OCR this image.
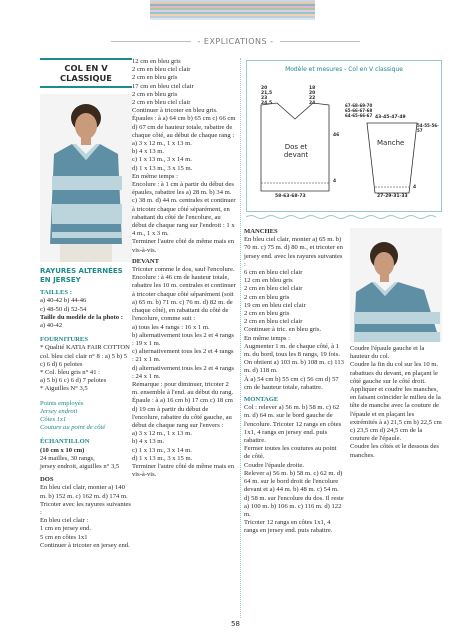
- EXPLICATIONS -
COL EN V CLASSIQUE
RAYURES ALTERNÉES EN JERSEY

TAILLES :

a) 40-42 b) 44-46

c) 48-50 d) 52-54

Taille du modèle de la photo :

a) 40-42

FOURNITURES

* Qualité KATIA FAIR COTTON col. bleu ciel clair n° 8 : a) 5 b) 5 c) 6 d) 6 pelotes

* Col. bleu gris n° 41 :

a) 5 b) 6 c) 6 d) 7 pelotes

* Aiguilles N° 3,5

Points employés

Jersey endroit

Côtes 1x1

Couture au point de côté

ÉCHANTILLON

(10 cm x 10 cm)

24 mailles, 30 rangs,

jersey endroit, aiguilles n° 3,5

DOS

En bleu ciel clair, monter a) 140 m. b) 152 m. c) 162 m. d) 174 m. Tricoter avec les rayures suivantes :

En bleu ciel clair :

1 cm en jersey end.

5 cm en côtes 1x1

Continuer à tricoter en jersey end.

12 cm en bleu gris

2 cm en bleu ciel clair

2 cm en bleu gris

17 cm en bleu ciel clair

2 cm en bleu gris

2 cm en bleu ciel clair

Continuer à tricoter en bleu gris.

Épaules : à a) 64 cm b) 65 cm c) 66 cm d) 67 cm de hauteur totale, rabattre de chaque côté, au début de chaque rang :

a) 3 x 12 m., 1 x 13 m.

b) 4 x 13 m.

c) 1 x 13 m., 3 x 14 m.

d) 1 x 13 m., 3 x 15 m.

En même temps :

Encolure : à 1 cm à partir du début des épaules, rabattre les a) 28 m. b) 34 m. c) 38 m. d) 44 m. centrales et continuer à tricoter chaque côté séparément, en rabattant du côté de l'encolure, au début de chaque rang sur l'endroit : 1 x 4 m., 1 x 3 m.

Terminer l'autre côté de même mais en vis-à-vis.

DEVANT

Tricoter comme le dos, sauf l'encolure.

Encolure : à 46 cm de hauteur totale, rabattre les 10 m. centrales et continuer à tricoter chaque côté séparément (soit a) 65 m. b) 71 m. c) 76 m. d) 82 m. de chaque côté), en rabattant du côté de l'encolure, comme suit :

a) tous les 4 rangs : 16 x 1 m.

b) alternativement tous les 2 et 4 rangs : 19 x 1 m.

c) alternativement tous les 2 et 4 rangs : 21 x 1 m.

d) alternativement tous les 2 et 4 rangs : 24 x 1 m.

Remarque : pour diminuer, tricoter 2 m. ensemble à l'end. au début du rang.

Épaule : à a) 16 cm b) 17 cm c) 18 cm d) 19 cm à partir du début de l'encolure, rabattre du côté gauche, au début de chaque rang sur l'envers :

a) 3 x 12 m., 1 x 13 m.

b) 4 x 13 m.

c) 1 x 13 m., 3 x 14 m.

d) 1 x 13 m., 3 x 15 m.

Terminer l'autre côté de même mais en vis-à-vis.

Modèle et mesures - Col en V classique
20
21,5
23
24,5
18
20
22
24	67-68-69-70
65-66-67-68
64-65-66-67
46
4
Dos et devant
58-63-68-73
43-45-47-49
54-55-56-57
Manche
4
27-29-31-33

MANCHES

En bleu ciel clair, monter a) 65 m. b) 70 m. c) 75 m. d) 80 m., et tricoter en jersey end. avec les rayures suivantes :

6 cm en bleu ciel clair

12 cm en bleu gris

2 cm en bleu ciel clair

2 cm en bleu gris

19 cm en bleu ciel clair

2 cm en bleu gris

2 cm en bleu ciel clair

Continuer à tric. en bleu gris.

En même temps :

Augmenter 1 m. de chaque côté, à 1 m. du bord, tous les 8 rangs, 19 fois.

On obtient a) 103 m. b) 108 m. c) 113 m. d) 118 m.

À a) 54 cm b) 55 cm c) 56 cm d) 57 cm de hauteur totale, rabattre.

MONTAGE

Col : relever a) 56 m. b) 58 m. c) 62 m. d) 64 m. sur le bord gauche de l'encolure. Tricoter 12 rangs en côtes 1x1, 4 rangs en jersey end. puis rabattre.

Fermer toutes les coutures au point de côté.

Coudre l'épaule droite.

Relever a) 56 m. b) 58 m. c) 62 m. d) 64 m. sur le bord droit de l'encolure devant et a) 44 m. b) 48 m. c) 54 m. d) 58 m. sur l'encolure du dos. Il reste a) 100 m. b) 106 m. c) 116 m. d) 122 m.

Tricoter 12 rangs en côtes 1x1, 4 rangs en jersey end. puis rabattre.

Coudre l'épaule gauche et la hauteur du col.

Coudre la fin du col sur les 10 m. rabattues du devant, en plaçant le côté gauche sur le côté droit.

Appliquer et coudre les manches, en faisant coïncider le milieu de la tête de manche avec la couture de l'épaule et en plaçant les extrémités à a) 21,5 cm b) 22,5 cm c) 23,5 cm d) 24,5 cm de la couture de l'épaule.

Coudre les côtés et le dessous des manches.

58
